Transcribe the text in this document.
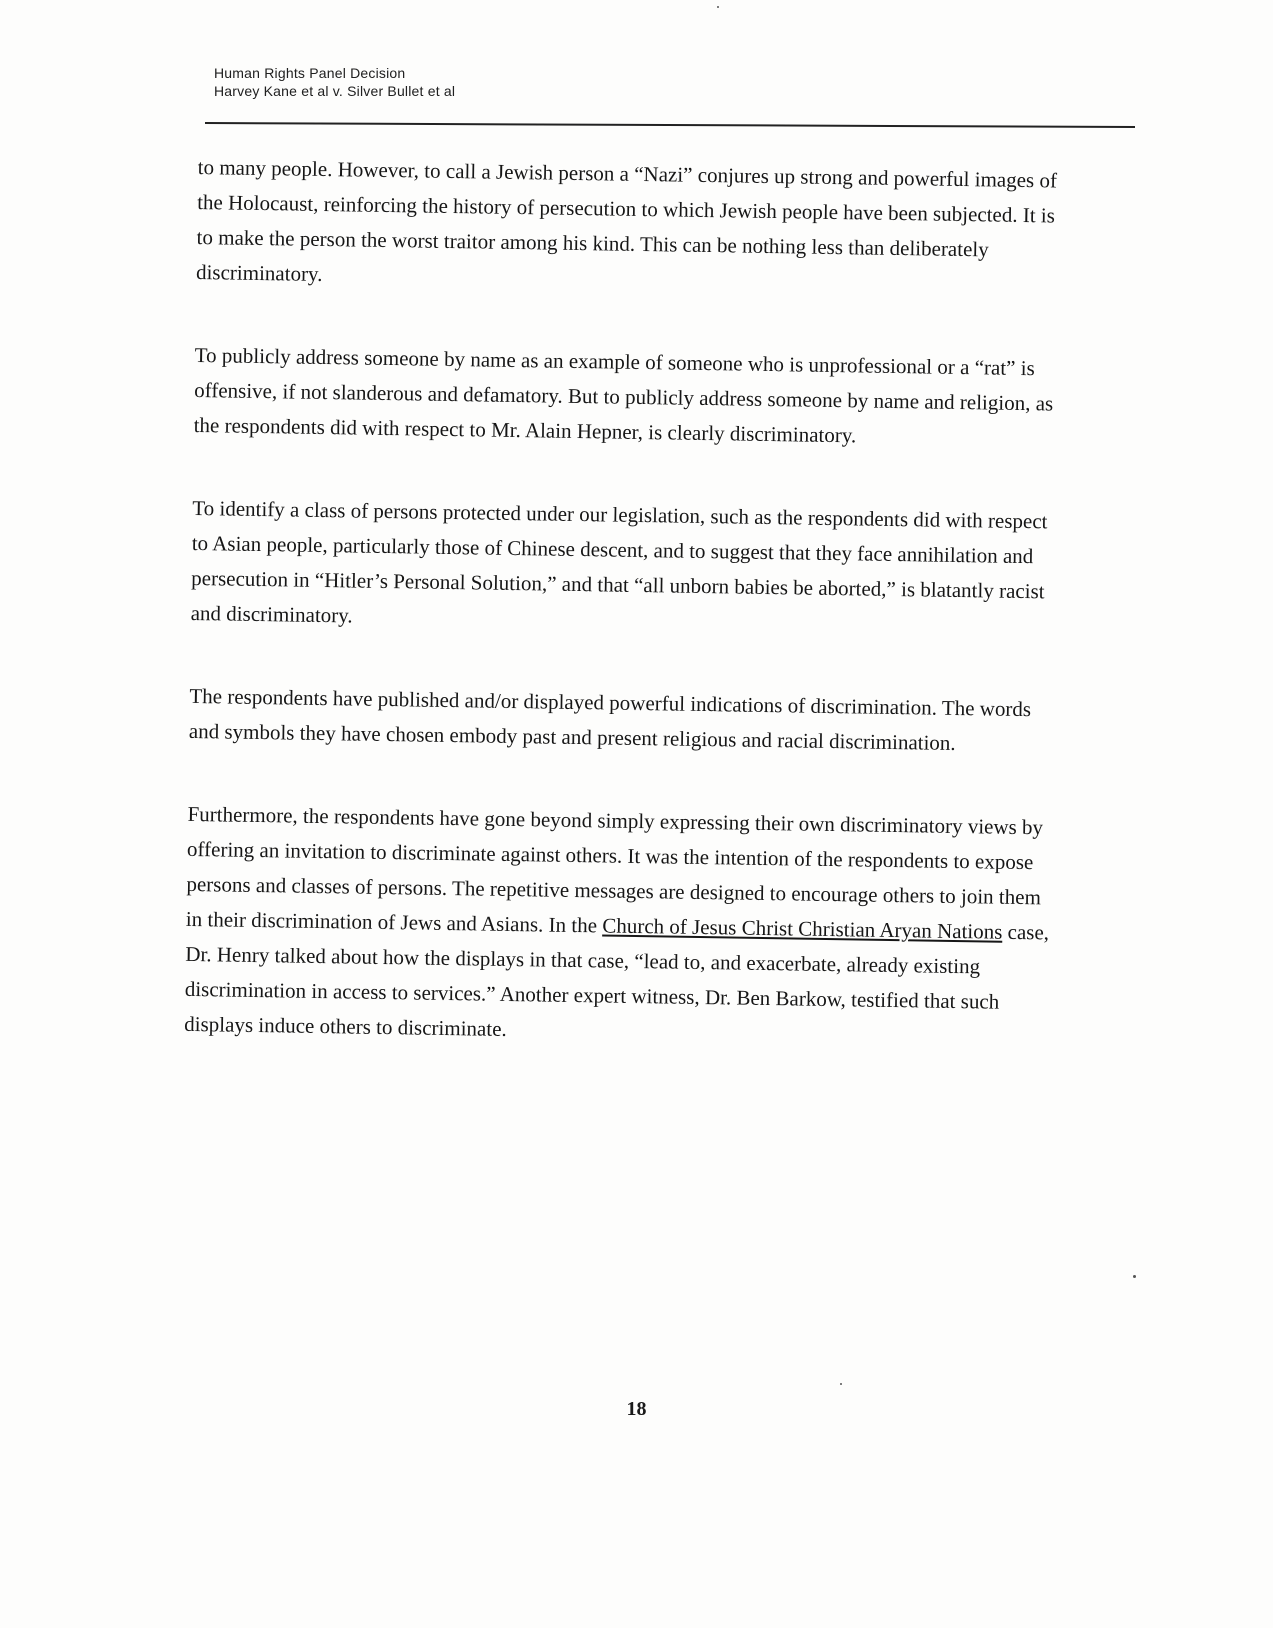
Human Rights Panel Decision
Harvey Kane et al v. Silver Bullet et al

to many people. However, to call a Jewish person a “Nazi” conjures up strong and powerful images of the Holocaust, reinforcing the history of persecution to which Jewish people have been subjected. It is to make the person the worst traitor among his kind. This can be nothing less than deliberately discriminatory.

To publicly address someone by name as an example of someone who is unprofessional or a “rat” is offensive, if not slanderous and defamatory. But to publicly address someone by name and religion, as the respondents did with respect to Mr. Alain Hepner, is clearly discriminatory.

To identify a class of persons protected under our legislation, such as the respondents did with respect to Asian people, particularly those of Chinese descent, and to suggest that they face annihilation and persecution in “Hitler’s Personal Solution,” and that “all unborn babies be aborted,” is blatantly racist and discriminatory.

The respondents have published and/or displayed powerful indications of discrimination. The words and symbols they have chosen embody past and present religious and racial discrimination.

Furthermore, the respondents have gone beyond simply expressing their own discriminatory views by offering an invitation to discriminate against others. It was the intention of the respondents to expose persons and classes of persons. The repetitive messages are designed to encourage others to join them in their discrimination of Jews and Asians. In the Church of Jesus Christ Christian Aryan Nations case, Dr. Henry talked about how the displays in that case, “lead to, and exacerbate, already existing discrimination in access to services.” Another expert witness, Dr. Ben Barkow, testified that such displays induce others to discriminate.

18
